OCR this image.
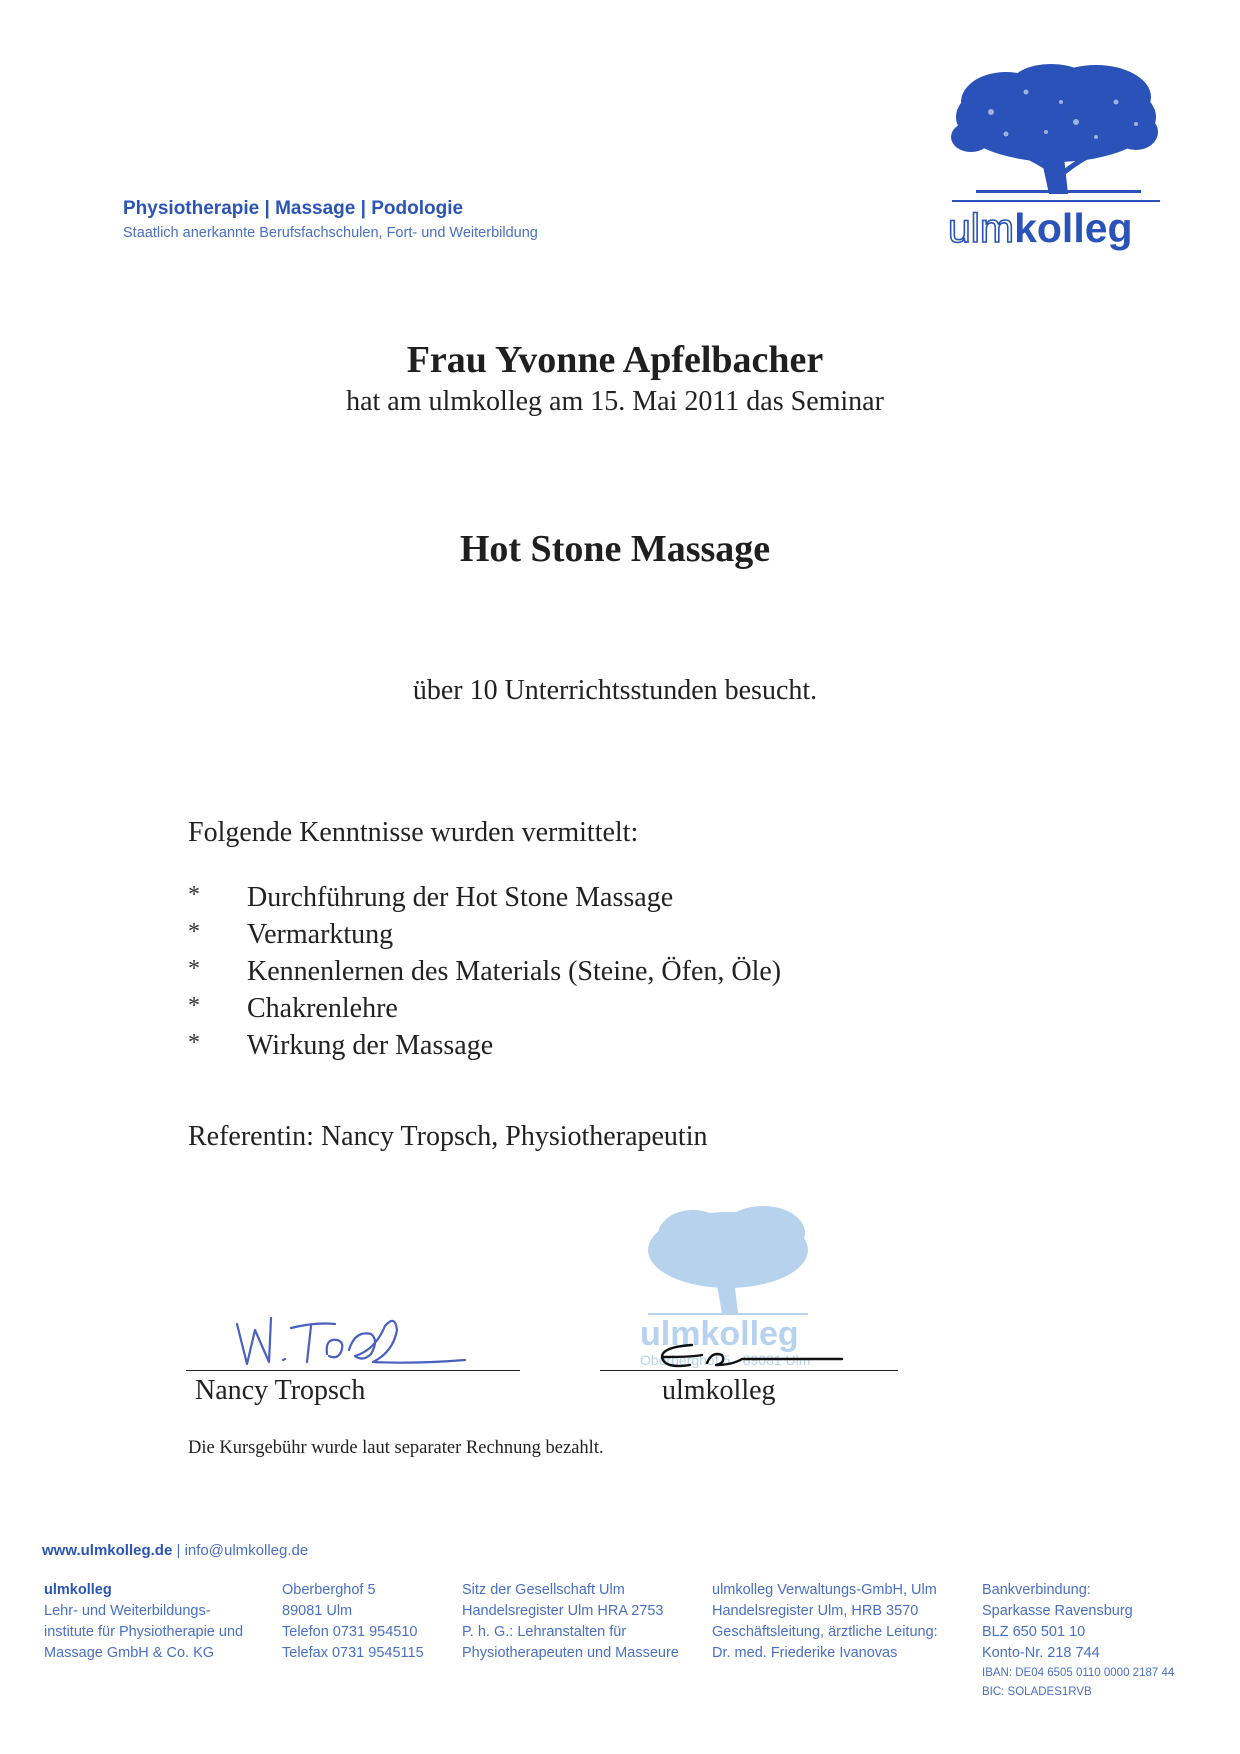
Physiotherapie | Massage | Podologie
Staatlich anerkannte Berufsfachschulen, Fort- und Weiterbildung	ulmkolleg
Frau Yvonne Apfelbacher
hat am ulmkolleg am 15. Mai 2011 das Seminar
Hot Stone Massage
über 10 Unterrichtsstunden besucht.
Folgende Kenntnisse wurden vermittelt:
* Durchführung der Hot Stone Massage
* Vermarktung
* Kennenlernen des Materials (Steine, Öfen, Öle)
* Chakrenlehre
* Wirkung der Massage
Referentin: Nancy Tropsch, Physiotherapeutin
ulmkolleg
Oberberghof 5 · 89081 Ulm
Nancy Tropsch	ulmkolleg
Die Kursgebühr wurde laut separater Rechnung bezahlt.
www.ulmkolleg.de | info@ulmkolleg.de
ulmkolleg
Lehr- und Weiterbildungs-
institute für Physiotherapie und
Massage GmbH & Co. KG
Oberberghof 5
89081 Ulm
Telefon 0731 954510
Telefax 0731 9545115
Sitz der Gesellschaft Ulm
Handelsregister Ulm HRA 2753
P. h. G.: Lehranstalten für
Physiotherapeuten und Masseure
ulmkolleg Verwaltungs-GmbH, Ulm
Handelsregister Ulm, HRB 3570
Geschäftsleitung, ärztliche Leitung:
Dr. med. Friederike Ivanovas
Bankverbindung:
Sparkasse Ravensburg
BLZ 650 501 10
Konto-Nr. 218 744
IBAN: DE04 6505 0110 0000 2187 44
BIC: SOLADES1RVB
